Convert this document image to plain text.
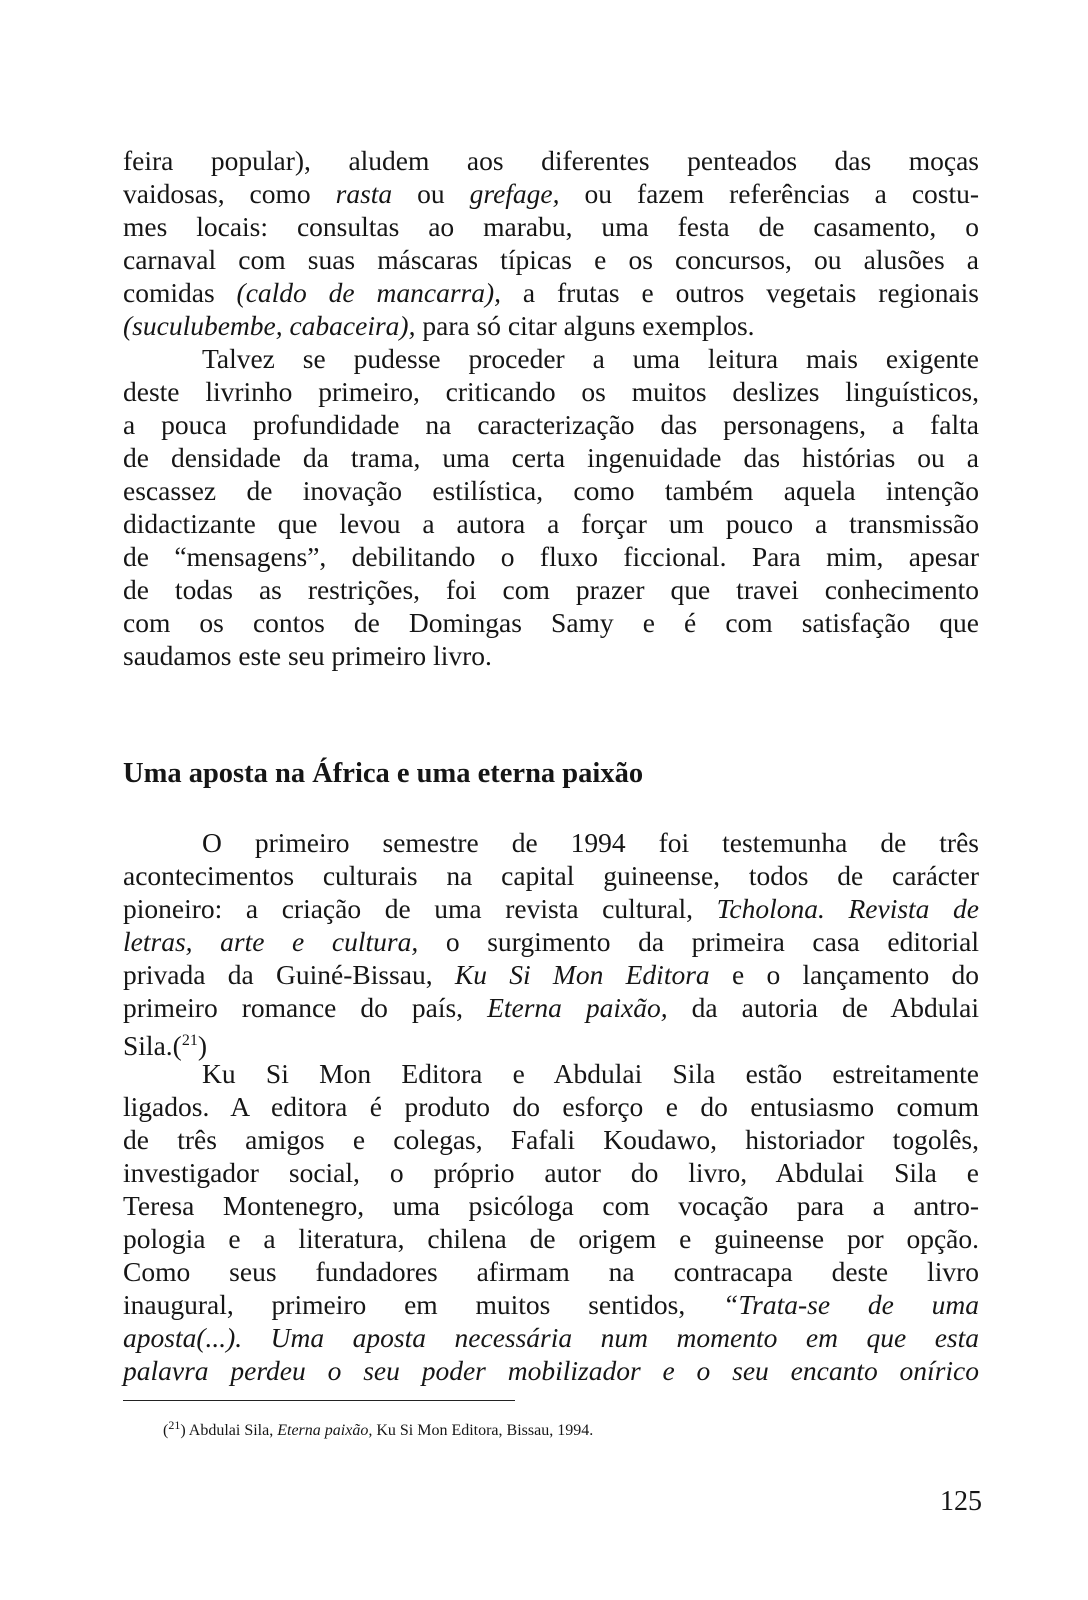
feira popular), aludem aos diferentes penteados das moças
vaidosas, como rasta ou grefage, ou fazem referências a costu-
mes locais: consultas ao marabu, uma festa de casamento, o
carnaval com suas máscaras típicas e os concursos, ou alusões a
comidas (caldo de mancarra), a frutas e outros vegetais regionais
(suculubembe, cabaceira), para só citar alguns exemplos.
Talvez se pudesse proceder a uma leitura mais exigente
deste livrinho primeiro, criticando os muitos deslizes linguísticos,
a pouca profundidade na caracterização das personagens, a falta
de densidade da trama, uma certa ingenuidade das histórias ou a
escassez de inovação estilística, como também aquela intenção
didactizante que levou a autora a forçar um pouco a transmissão
de “mensagens”, debilitando o fluxo ficcional. Para mim, apesar
de todas as restrições, foi com prazer que travei conhecimento
com os contos de Domingas Samy e é com satisfação que
saudamos este seu primeiro livro.
Uma aposta na África e uma eterna paixão
O primeiro semestre de 1994 foi testemunha de três
acontecimentos culturais na capital guineense, todos de carácter
pioneiro: a criação de uma revista cultural, Tcholona. Revista de
letras, arte e cultura, o surgimento da primeira casa editorial
privada da Guiné-Bissau, Ku Si Mon Editora e o lançamento do
primeiro romance do país, Eterna paixão, da autoria de Abdulai
Sila.($^{21}$)
Ku Si Mon Editora e Abdulai Sila estão estreitamente
ligados. A editora é produto do esforço e do entusiasmo comum
de três amigos e colegas, Fafali Koudawo, historiador togolês,
investigador social, o próprio autor do livro, Abdulai Sila e
Teresa Montenegro, uma psicóloga com vocação para a antro-
pologia e a literatura, chilena de origem e guineense por opção.
Como seus fundadores afirmam na contracapa deste livro
inaugural, primeiro em muitos sentidos, “Trata-se de uma
aposta(...). Uma aposta necessária num momento em que esta
palavra perdeu o seu poder mobilizador e o seu encanto onírico
($^{21}$) Abdulai Sila, Eterna paixão, Ku Si Mon Editora, Bissau, 1994.
125
